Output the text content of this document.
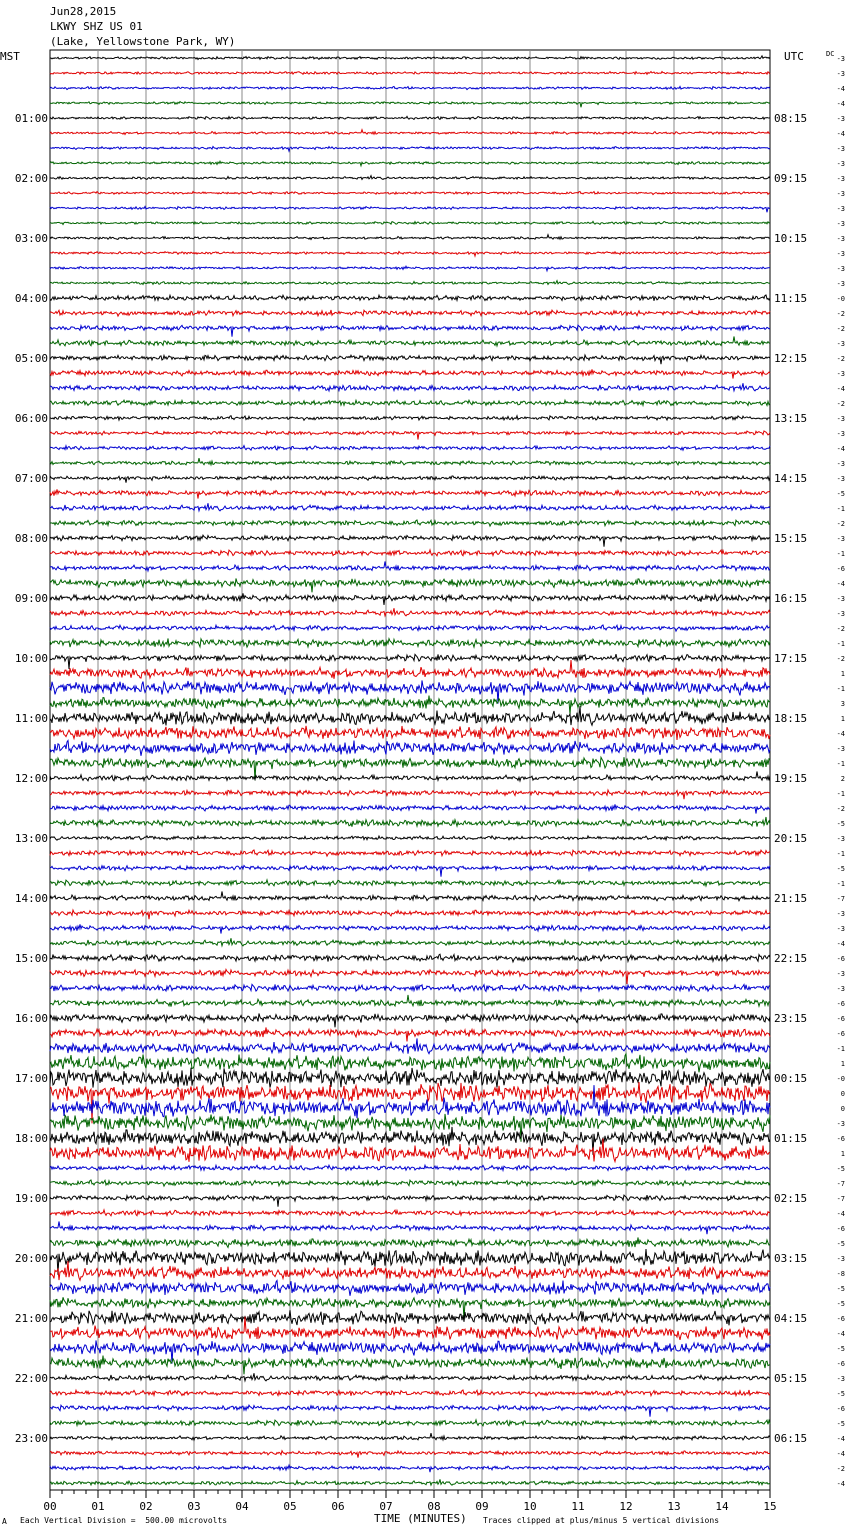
Jun28,2015
LKWY SHZ US 01
(Lake, Yellowstone Park, WY)
MST	UTC
01:00
02:00
03:00
04:00
05:00
06:00
07:00
08:00
09:00
10:00
11:00
12:00
13:00
14:00
15:00
16:00
17:00
18:00
19:00
20:00
21:00
22:00
23:00
08:15
09:15
10:15
11:15
12:15
13:15
14:15
15:15
16:15
17:15
18:15
19:15
20:15
21:15
22:15
23:15
00:15
01:15
02:15
03:15
04:15
05:15
06:15
DC
-3
-3
-4
-4
-3
-4
-3
-3
-3
-3
-3
-3
-3
-3
-3
-3
-0
-2
-2
-3
-2
-3
-4
-2
-3
-3
-4
-3
-3
-5
-1
-2
-3
-1
-6
-4
-3
-3
-2
-1
-2
1
-1
3
1
-4
-3
-1
2
-1
-2
-5
-3
-1
-5
-1
-7
-3
-3
-4
-6
-3
-3
-6
-6
-6
-1
1
-0
0
0
-3
-6
1
-5
-7
-7
-4
-6
-5
-3
-8
-5
-5
-6
-4
-5
-6
-3
-5
-6
-5
-4
-4
-2
-4
00	01	02	03	04	05	06	07	08	09	10	11	12	13	14	15
TIME (MINUTES)
A Each Vertical Division =  500.00 microvolts	Traces clipped at plus/minus 5 vertical divisions
